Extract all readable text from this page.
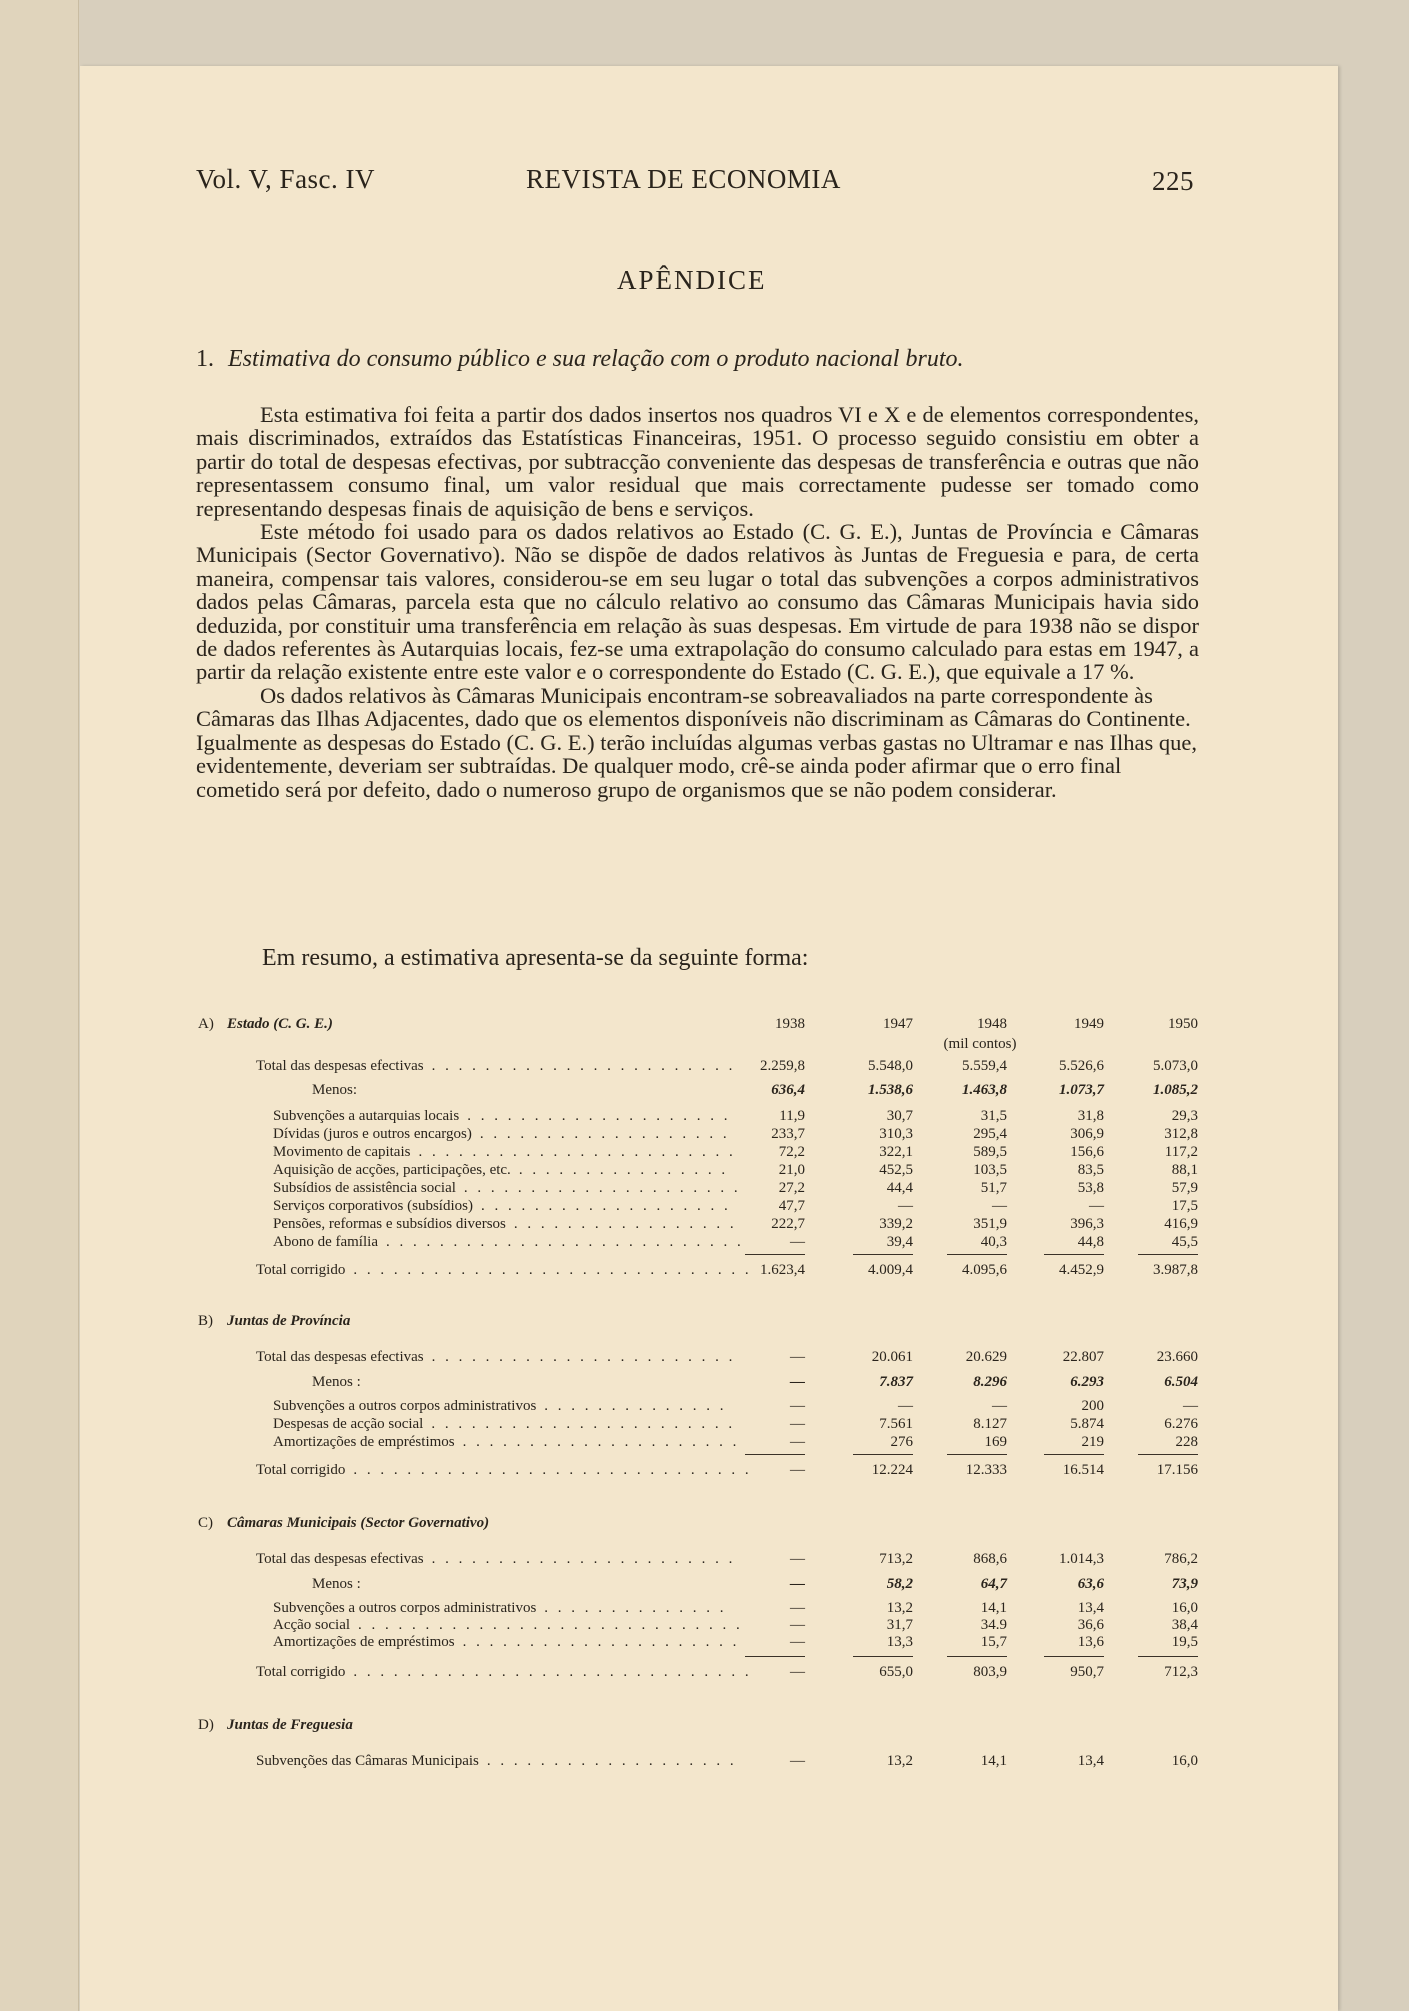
Vol. V, Fasc. IV	REVISTA DE ECONOMIA	225
APÊNDICE
1. Estimativa do consumo público e sua relação com o produto nacional bruto.

Esta estimativa foi feita a partir dos dados insertos nos quadros VI e X e de elementos correspondentes, mais discriminados, extraídos das Estatísticas Financeiras, 1951. O processo seguido consistiu em obter a partir do total de despesas efectivas, por subtracção conveniente das despesas de transferência e outras que não representassem consumo final, um valor residual que mais correctamente pudesse ser tomado como representando despesas finais de aquisição de bens e serviços.

Este método foi usado para os dados relativos ao Estado (C. G. E.), Juntas de Província e Câmaras Municipais (Sector Governativo). Não se dispõe de dados relativos às Juntas de Freguesia e para, de certa maneira, compensar tais valores, considerou-se em seu lugar o total das subvenções a corpos administrativos dados pelas Câmaras, parcela esta que no cálculo relativo ao consumo das Câmaras Municipais havia sido deduzida, por constituir uma transferência em relação às suas despesas. Em virtude de para 1938 não se dispor de dados referentes às Autarquias locais, fez-se uma extrapolação do consumo calculado para estas em 1947, a partir da relação existente entre este valor e o correspondente do Estado (C. G. E.), que equivale a 17 %.

Os dados relativos às Câmaras Municipais encontram-se sobreavaliados na parte correspondente às Câmaras das Ilhas Adjacentes, dado que os elementos disponíveis não discriminam as Câmaras do Continente. Igualmente as despesas do Estado (C. G. E.) terão incluídas algumas verbas gastas no Ultramar e nas Ilhas que, evidentemente, deveriam ser subtraídas. De qualquer modo, crê-se ainda poder afirmar que o erro final cometido será por defeito, dado o numeroso grupo de organismos que se não podem considerar.

Em resumo, a estimativa apresenta-se da seguinte forma:
1938	1947	1948	1949	1950
(mil contos)
A) Estado (C. G. E.)
Total das despesas efectivas . . . . . . . . . . . . . . . . . . . . . . . 2.259,8	5.548,0	5.559,4	5.526,6	5.073,0
Menos:	636,4	1.538,6	1.463,8	1.073,7	1.085,2
Subvenções a autarquias locais . . . . . . . . . . . . . . . . . . . .	11,9	30,7	31,5	31,8	29,3
Dívidas (juros e outros encargos) . . . . . . . . . . . . . . . . . . .	233,7	310,3	295,4	306,9	312,8
Movimento de capitais . . . . . . . . . . . . . . . . . . . . . . . .	72,2	322,1	589,5	156,6	117,2
Aquisição de acções, participações, etc. . . . . . . . . . . . . . . . .	21,0	452,5	103,5	83,5	88,1
Subsídios de assistência social . . . . . . . . . . . . . . . . . . . . .	27,2	44,4	51,7	53,8	57,9
Serviços corporativos (subsídios) . . . . . . . . . . . . . . . . . . .	47,7	—	—	—	17,5
Pensões, reformas e subsídios diversos . . . . . . . . . . . . . . . . . 222,7	339,2	351,9	396,3	416,9
Abono de família . . . . . . . . . . . . . . . . . . . . . . . . . . .	—	39,4	40,3	44,8	45,5
Total corrigido . . . . . . . . . . . . . . . . . . . . . . . . . . . . . . 1.623,4	4.009,4	4.095,6	4.452,9	3.987,8
B) Juntas de Província
Total das despesas efectivas . . . . . . . . . . . . . . . . . . . . . . .	—	20.061	20.629	22.807	23.660
Menos :	—	7.837	8.296	6.293	6.504
Subvenções a outros corpos administrativos . . . . . . . . . . . . . .	—	—	—	200	—
Despesas de acção social . . . . . . . . . . . . . . . . . . . . . . .	—	7.561	8.127	5.874	6.276
Amortizações de empréstimos . . . . . . . . . . . . . . . . . . . . .	—	276	169	219	228
Total corrigido . . . . . . . . . . . . . . . . . . . . . . . . . . . . . .	—	12.224	12.333	16.514	17.156
C) Câmaras Municipais (Sector Governativo)
Total das despesas efectivas . . . . . . . . . . . . . . . . . . . . . . .	—	713,2	868,6	1.014,3	786,2
Menos :	—	58,2	64,7	63,6	73,9
Subvenções a outros corpos administrativos . . . . . . . . . . . . . .	—	13,2	14,1	13,4	16,0
Acção social . . . . . . . . . . . . . . . . . . . . . . . . . . . . .	—	31,7	34.9	36,6	38,4
Amortizações de empréstimos . . . . . . . . . . . . . . . . . . . . .	—	13,3	15,7	13,6	19,5
Total corrigido . . . . . . . . . . . . . . . . . . . . . . . . . . . . . .	—	655,0	803,9	950,7	712,3
D) Juntas de Freguesia
Subvenções das Câmaras Municipais . . . . . . . . . . . . . . . . . . .	—	13,2	14,1	13,4	16,0
